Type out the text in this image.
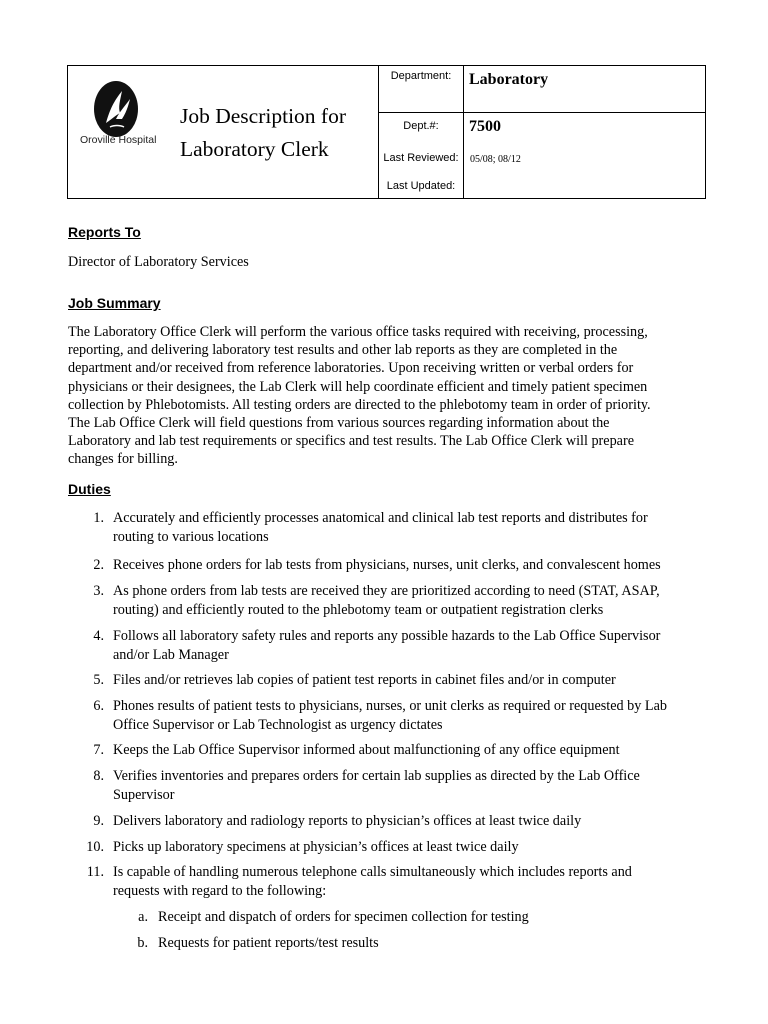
Oroville Hospital
Job Description for
Laboratory Clerk
Department:	Laboratory
Dept.#:	7500
Last Reviewed:	05/08; 08/12
Last Updated:
Reports To
Director of Laboratory Services
Job Summary
The Laboratory Office Clerk will perform the various office tasks required with receiving, processing,
reporting, and delivering laboratory test results and other lab reports as they are completed in the
department and/or received from reference laboratories. Upon receiving written or verbal orders for
physicians or their designees, the Lab Clerk will help coordinate efficient and timely patient specimen
collection by Phlebotomists. All testing orders are directed to the phlebotomy team in order of priority.
The Lab Office Clerk will field questions from various sources regarding information about the
Laboratory and lab test requirements or specifics and test results. The Lab Office Clerk will prepare
changes for billing.
Duties
1. Accurately and efficiently processes anatomical and clinical lab test reports and distributes for
routing to various locations
2. Receives phone orders for lab tests from physicians, nurses, unit clerks, and convalescent homes
3. As phone orders from lab tests are received they are prioritized according to need (STAT, ASAP,
routing) and efficiently routed to the phlebotomy team or outpatient registration clerks
4. Follows all laboratory safety rules and reports any possible hazards to the Lab Office Supervisor
and/or Lab Manager
5. Files and/or retrieves lab copies of patient test reports in cabinet files and/or in computer
6. Phones results of patient tests to physicians, nurses, or unit clerks as required or requested by Lab
Office Supervisor or Lab Technologist as urgency dictates
7. Keeps the Lab Office Supervisor informed about malfunctioning of any office equipment
8. Verifies inventories and prepares orders for certain lab supplies as directed by the Lab Office
Supervisor
9. Delivers laboratory and radiology reports to physician’s offices at least twice daily
10. Picks up laboratory specimens at physician’s offices at least twice daily
11. Is capable of handling numerous telephone calls simultaneously which includes reports and
requests with regard to the following:
a. Receipt and dispatch of orders for specimen collection for testing
b. Requests for patient reports/test results
